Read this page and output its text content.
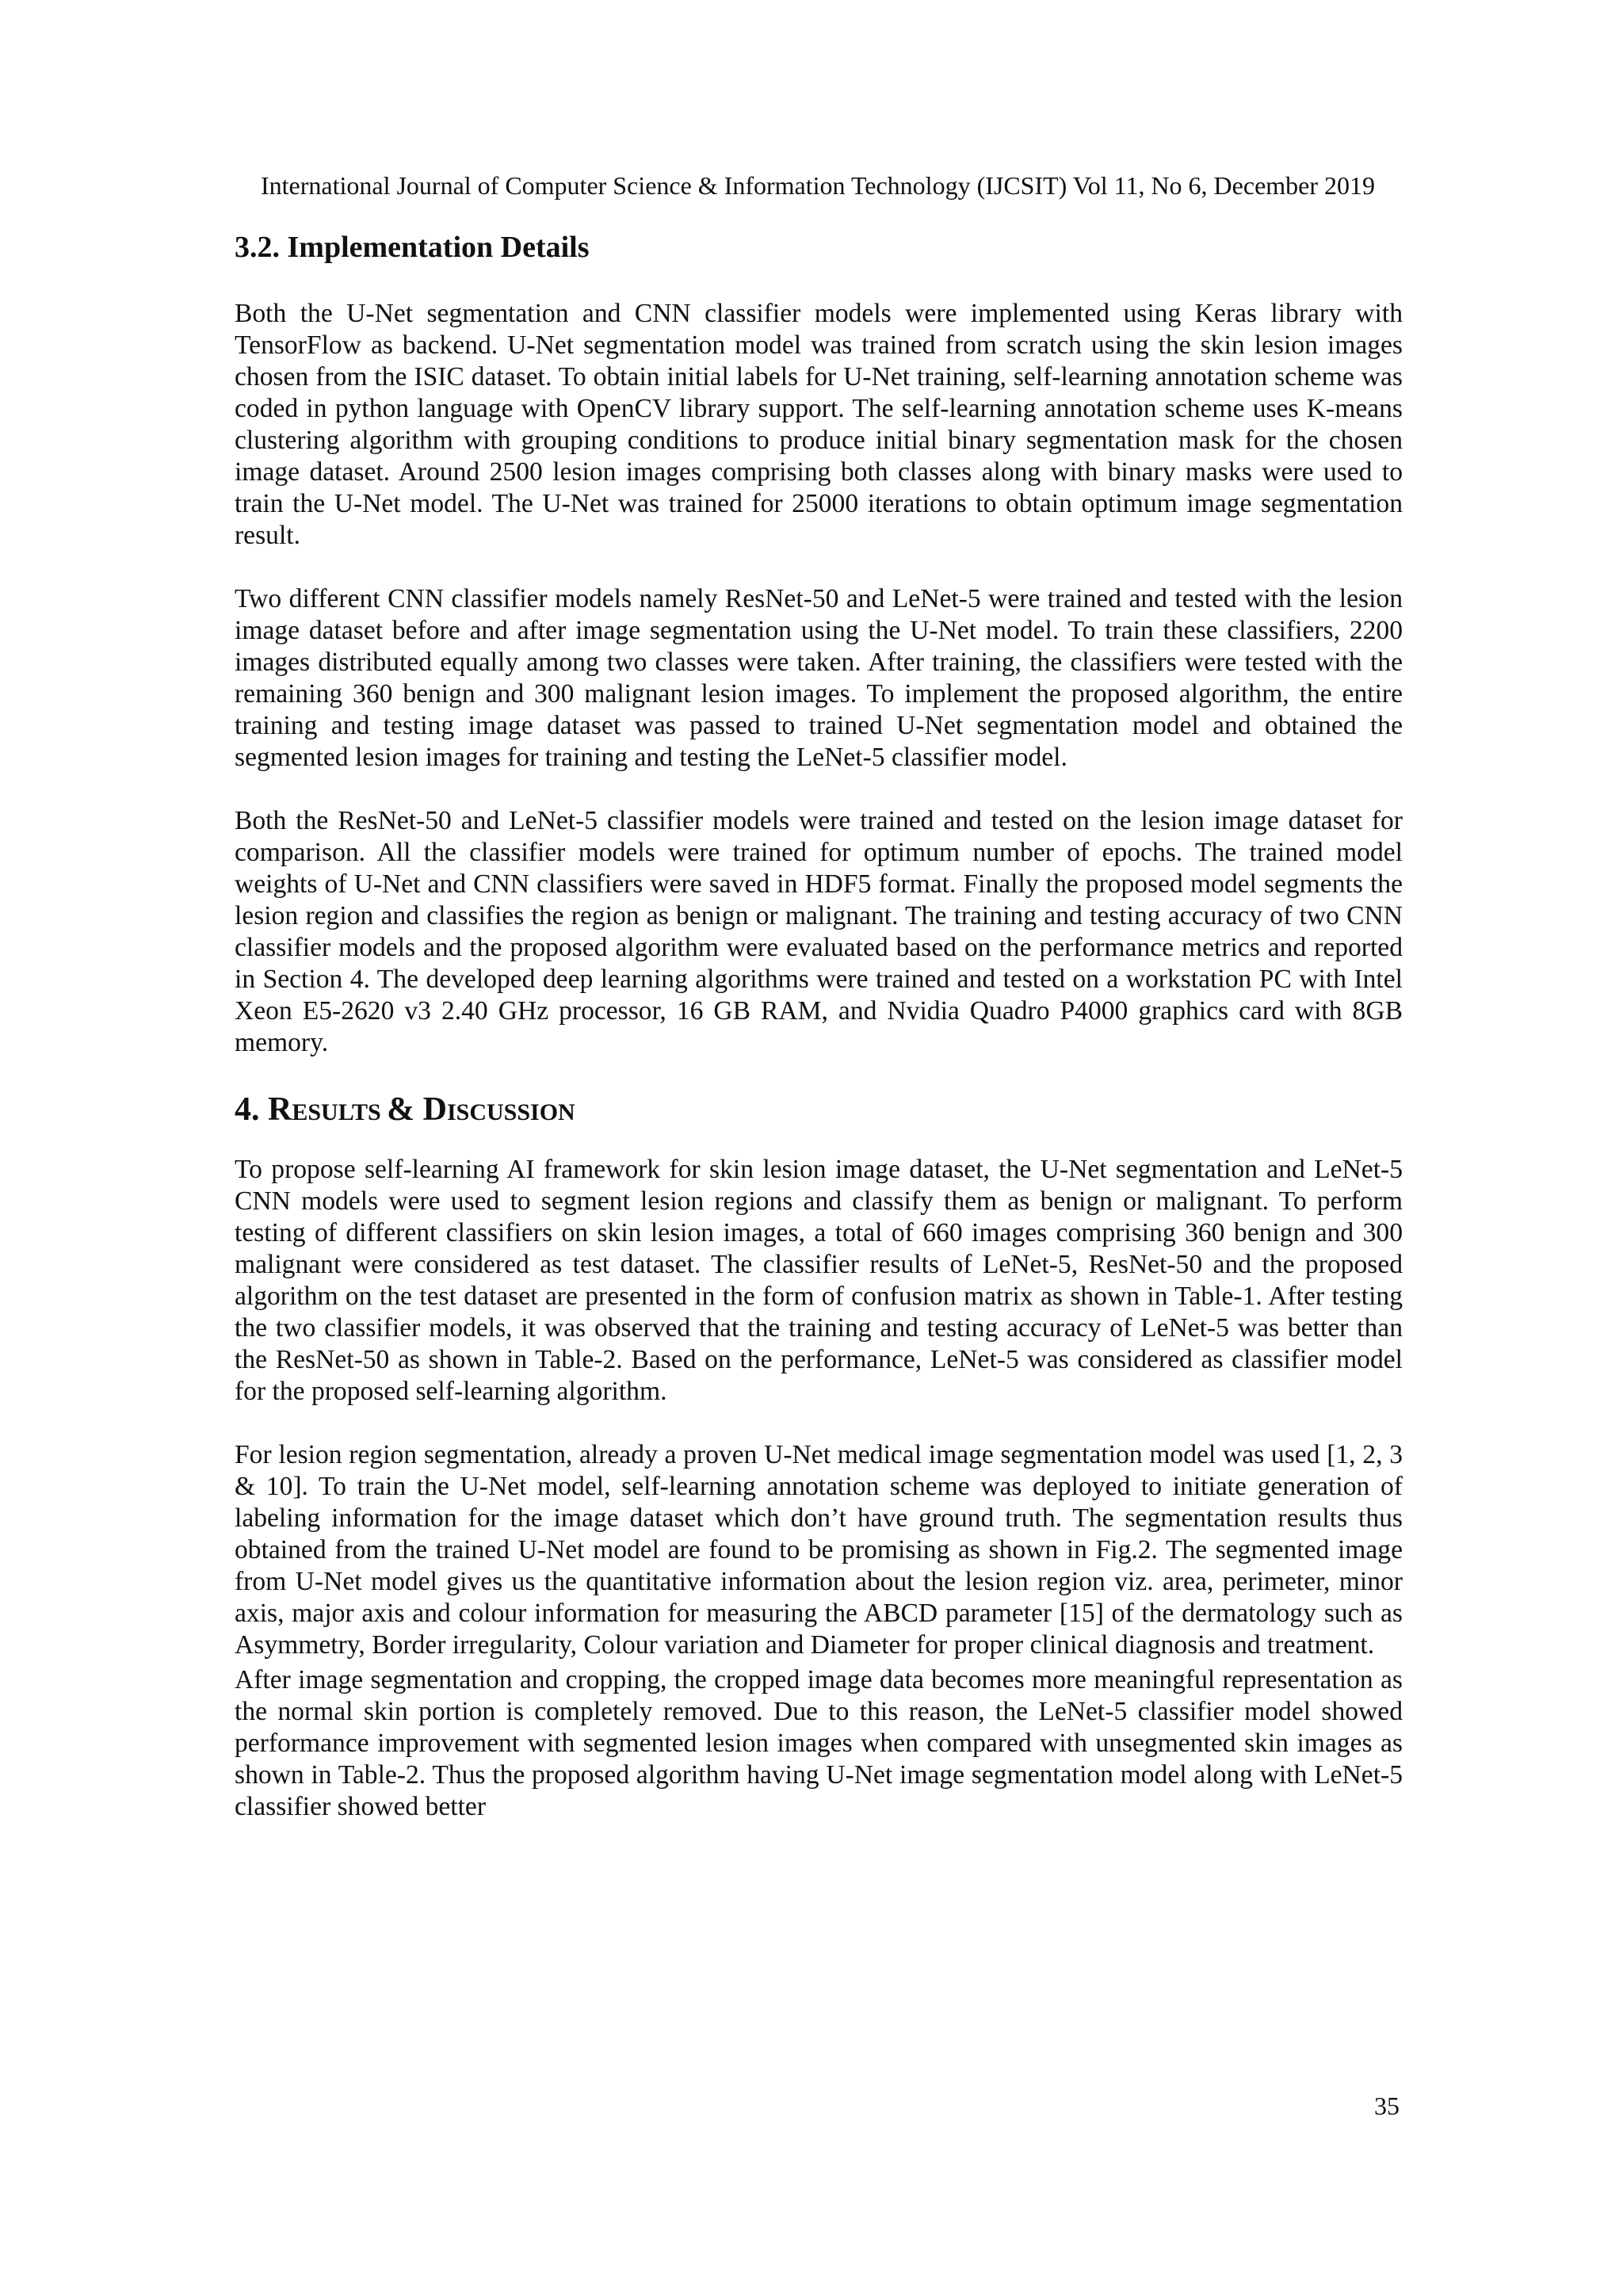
International Journal of Computer Science & Information Technology (IJCSIT) Vol 11, No 6, December 2019
3.2. Implementation Details

Both the U-Net segmentation and CNN classifier models were implemented using Keras library with TensorFlow as backend. U-Net segmentation model was trained from scratch using the skin lesion images chosen from the ISIC dataset. To obtain initial labels for U-Net training, self-learning annotation scheme was coded in python language with OpenCV library support. The self-learning annotation scheme uses K-means clustering algorithm with grouping conditions to produce initial binary segmentation mask for the chosen image dataset. Around 2500 lesion images comprising both classes along with binary masks were used to train the U-Net model. The U-Net was trained for 25000 iterations to obtain optimum image segmentation result.

Two different CNN classifier models namely ResNet-50 and LeNet-5 were trained and tested with the lesion image dataset before and after image segmentation using the U-Net model. To train these classifiers, 2200 images distributed equally among two classes were taken. After training, the classifiers were tested with the remaining 360 benign and 300 malignant lesion images. To implement the proposed algorithm, the entire training and testing image dataset was passed to trained U-Net segmentation model and obtained the segmented lesion images for training and testing the LeNet-5 classifier model.

Both the ResNet-50 and LeNet-5 classifier models were trained and tested on the lesion image dataset for comparison. All the classifier models were trained for optimum number of epochs. The trained model weights of U-Net and CNN classifiers were saved in HDF5 format. Finally the proposed model segments the lesion region and classifies the region as benign or malignant. The training and testing accuracy of two CNN classifier models and the proposed algorithm were evaluated based on the performance metrics and reported in Section 4. The developed deep learning algorithms were trained and tested on a workstation PC with Intel Xeon E5-2620 v3 2.40 GHz processor, 16 GB RAM, and Nvidia Quadro P4000 graphics card with 8GB memory.

4. RESULTS & DISCUSSION

To propose self-learning AI framework for skin lesion image dataset, the U-Net segmentation and LeNet-5 CNN models were used to segment lesion regions and classify them as benign or malignant. To perform testing of different classifiers on skin lesion images, a total of 660 images comprising 360 benign and 300 malignant were considered as test dataset. The classifier results of LeNet-5, ResNet-50 and the proposed algorithm on the test dataset are presented in the form of confusion matrix as shown in Table-1. After testing the two classifier models, it was observed that the training and testing accuracy of LeNet-5 was better than the ResNet-50 as shown in Table-2. Based on the performance, LeNet-5 was considered as classifier model for the proposed self-learning algorithm.

For lesion region segmentation, already a proven U-Net medical image segmentation model was used [1, 2, 3 & 10]. To train the U-Net model, self-learning annotation scheme was deployed to initiate generation of labeling information for the image dataset which don’t have ground truth. The segmentation results thus obtained from the trained U-Net model are found to be promising as shown in Fig.2. The segmented image from U-Net model gives us the quantitative information about the lesion region viz. area, perimeter, minor axis, major axis and colour information for measuring the ABCD parameter [15] of the dermatology such as Asymmetry, Border irregularity, Colour variation and Diameter for proper clinical diagnosis and treatment.

After image segmentation and cropping, the cropped image data becomes more meaningful representation as the normal skin portion is completely removed. Due to this reason, the LeNet-5 classifier model showed performance improvement with segmented lesion images when compared with unsegmented skin images as shown in Table-2. Thus the proposed algorithm having U-Net image segmentation model along with LeNet-5 classifier showed better

35
